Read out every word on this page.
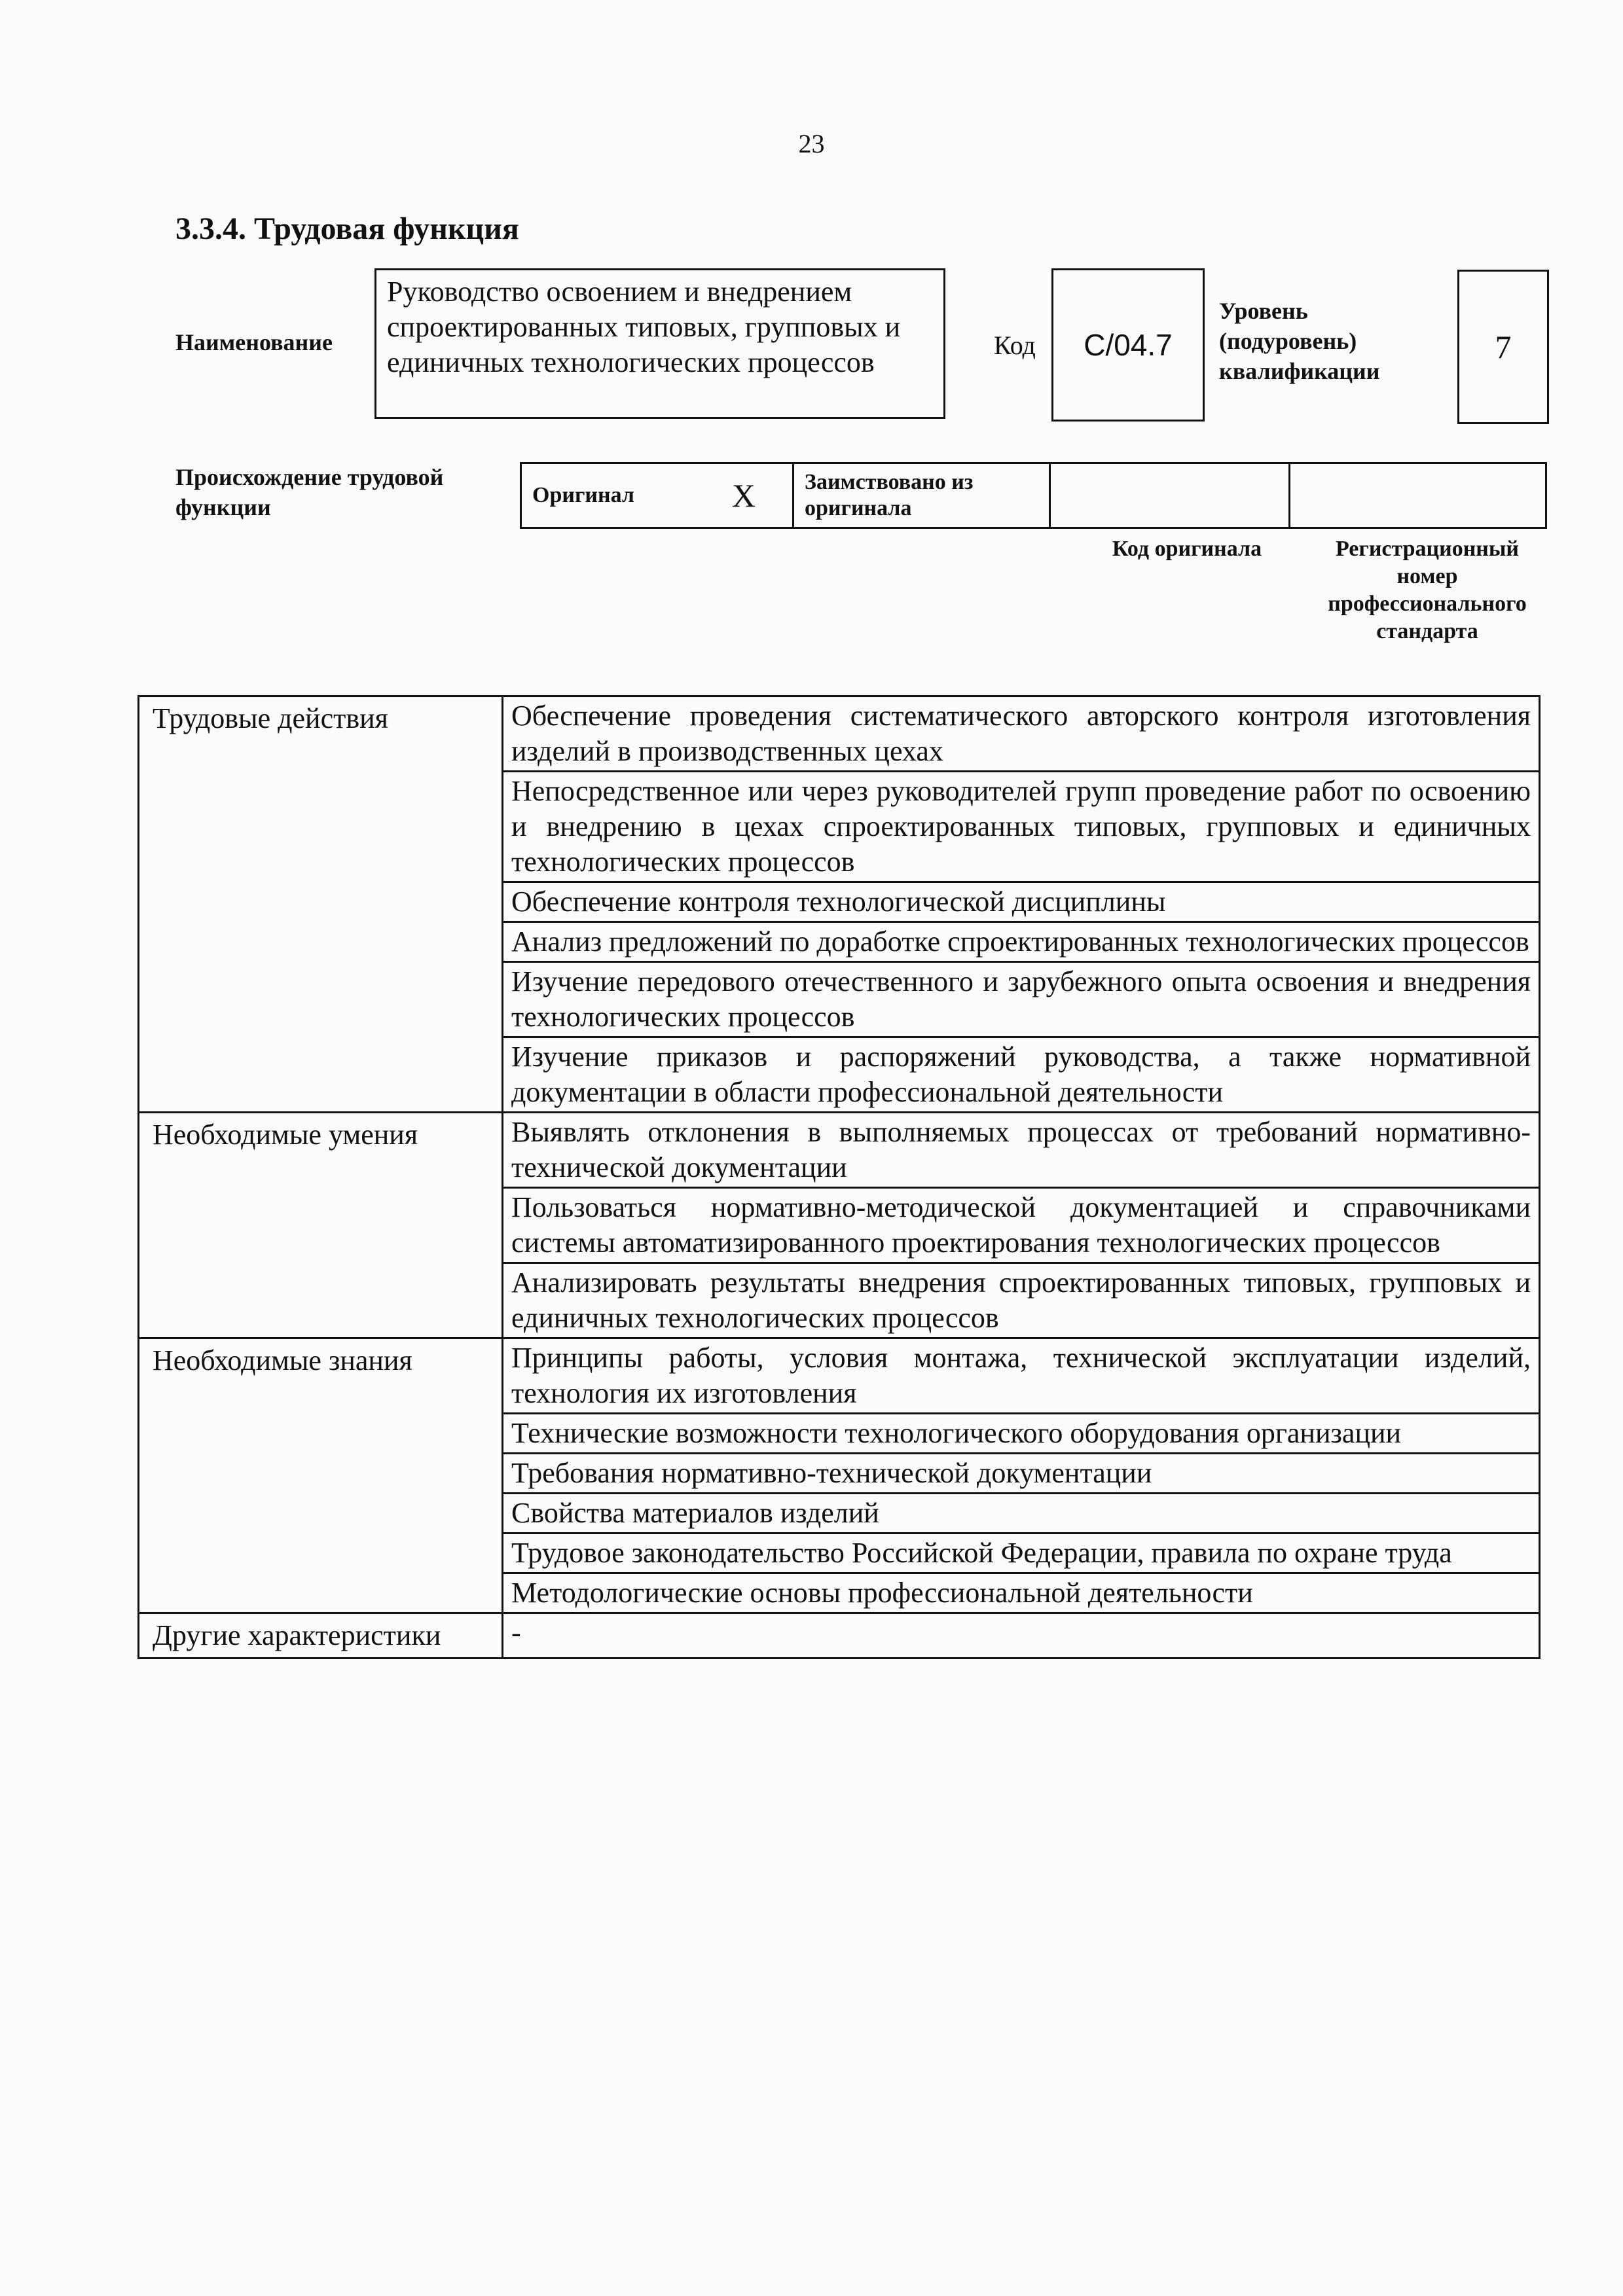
23
3.3.4. Трудовая функция
Наименование
Руководство освоением и внедрением спроектированных типовых, групповых и единичных технологических процессов
Код	C/04.7
Уровень (подуровень) квалификации
7
Происхождение трудовой функции	Оригинал	X	Заимствовано из оригинала		
Код оригинала	Регистрационный номер профессионального стандарта
Трудовые действия	Обеспечение проведения систематического авторского контроля изготовления изделий в производственных цехах
	Непосредственное или через руководителей групп проведение работ по освоению и внедрению в цехах спроектированных типовых, групповых и единичных технологических процессов
	Обеспечение контроля технологической дисциплины
	Анализ предложений по доработке спроектированных технологических процессов
	Изучение передового отечественного и зарубежного опыта освоения и внедрения технологических процессов
	Изучение приказов и распоряжений руководства, а также нормативной документации в области профессиональной деятельности
Необходимые умения	Выявлять отклонения в выполняемых процессах от требований нормативно-технической документации
	Пользоваться нормативно-методической документацией и справочниками системы автоматизированного проектирования технологических процессов
	Анализировать результаты внедрения спроектированных типовых, групповых и единичных технологических процессов
Необходимые знания	Принципы работы, условия монтажа, технической эксплуатации изделий, технология их изготовления
	Технические возможности технологического оборудования организации
	Требования нормативно-технической документации
	Свойства материалов изделий
	Трудовое законодательство Российской Федерации, правила по охране труда
	Методологические основы профессиональной деятельности
Другие характеристики	-
